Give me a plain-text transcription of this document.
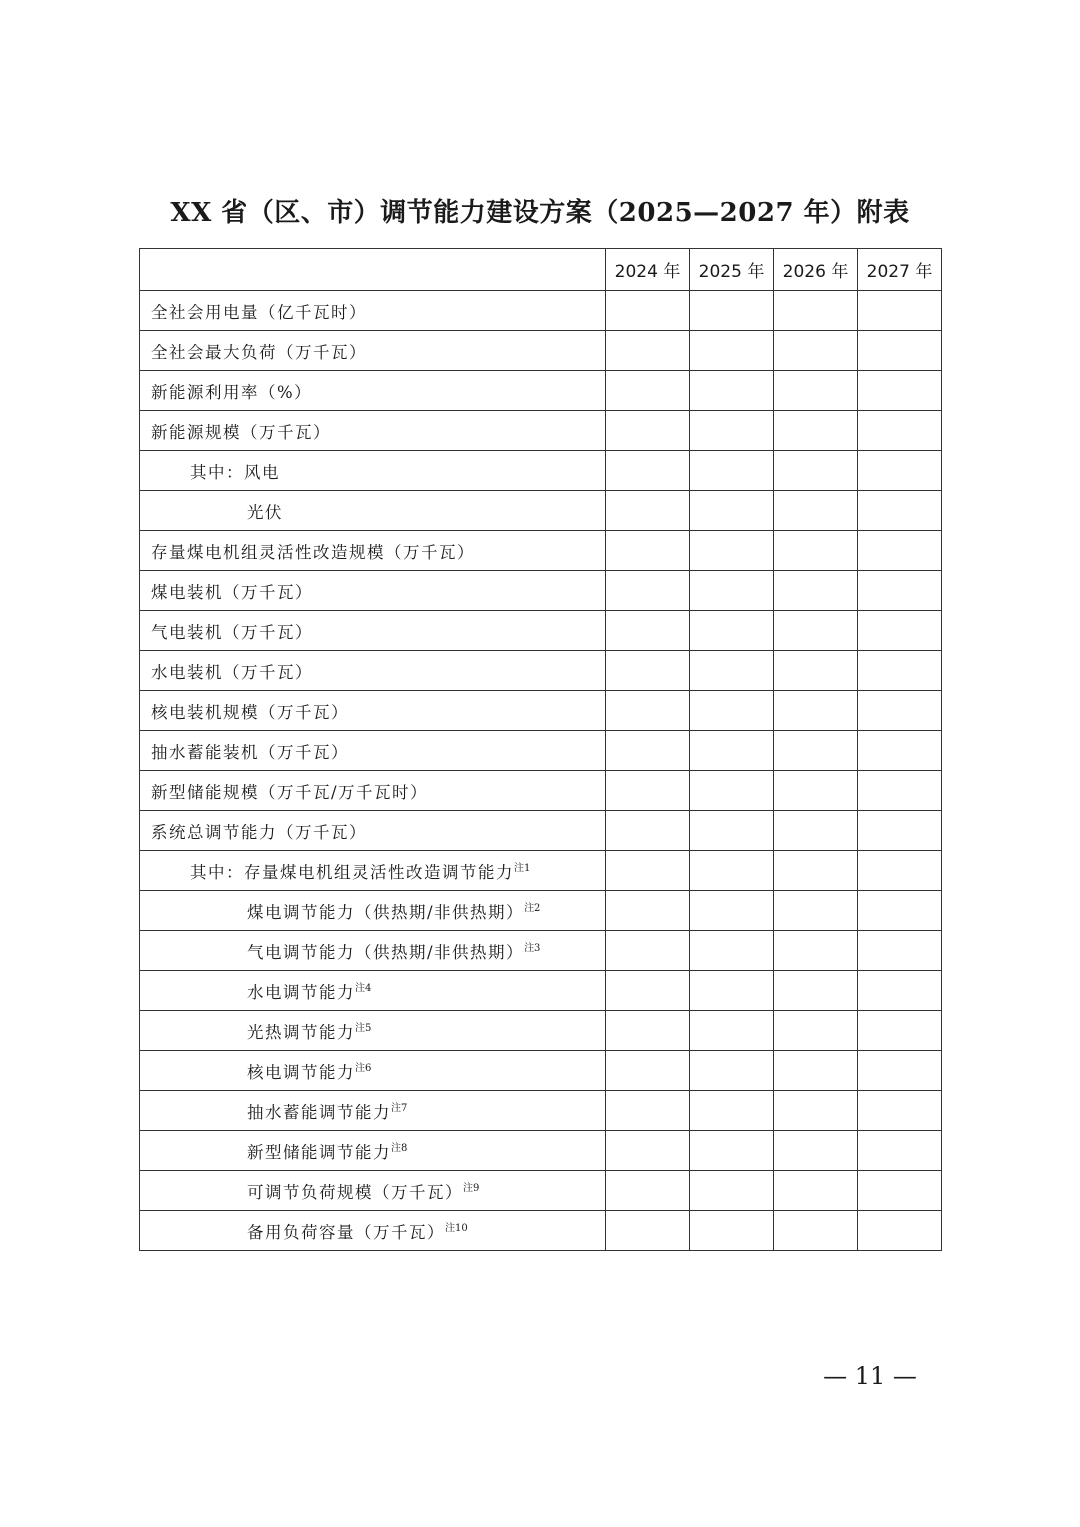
XX 省（区、市）调节能力建设方案（2025—2027 年）附表
	2024 年	2025 年	2026 年	2027 年
全社会用电量（亿千瓦时）				
全社会最大负荷（万千瓦）				
新能源利用率（%）				
新能源规模（万千瓦）				
其中：风电				
光伏				
存量煤电机组灵活性改造规模（万千瓦）				
煤电装机（万千瓦）				
气电装机（万千瓦）				
水电装机（万千瓦）				
核电装机规模（万千瓦）				
抽水蓄能装机（万千瓦）				
新型储能规模（万千瓦/万千瓦时）				
系统总调节能力（万千瓦）				
其中：存量煤电机组灵活性改造调节能力$^{注1}$				
煤电调节能力（供热期/非供热期）$^{注2}$				
气电调节能力（供热期/非供热期）$^{注3}$				
水电调节能力$^{注4}$				
光热调节能力$^{注5}$				
核电调节能力$^{注6}$				
抽水蓄能调节能力$^{注7}$				
新型储能调节能力$^{注8}$				
可调节负荷规模（万千瓦）$^{注9}$				
备用负荷容量（万千瓦）$^{注10}$				
— 11 —
